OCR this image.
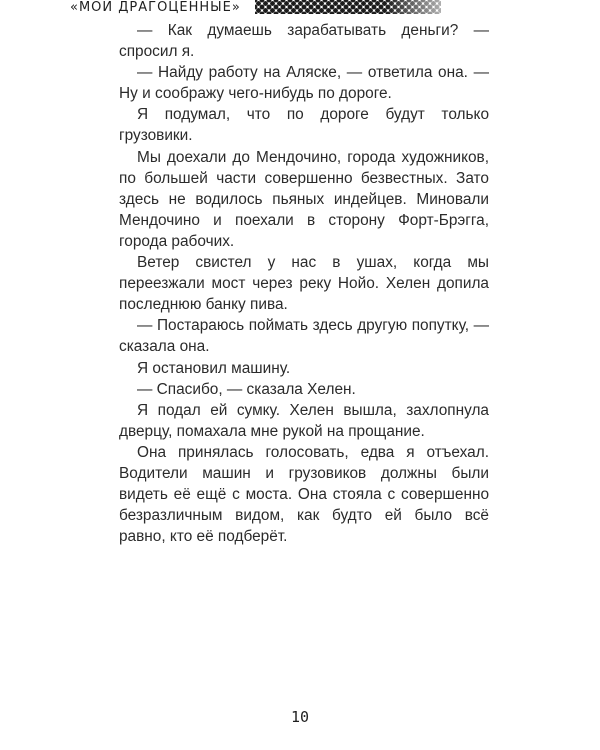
«МОИ ДРАГОЦЕННЫЕ»

— Как думаешь зарабатывать деньги? — спросил я.

— Найду работу на Аляске, — ответила она. — Ну и соображу чего-нибудь по дороге.

Я подумал, что по дороге будут только грузовики.

Мы доехали до Мендочино, города художников, по большей части совершенно безвестных. Зато здесь не водилось пьяных индейцев. Миновали Мендочино и поехали в сторону Форт-Брэгга, города рабочих.

Ветер свистел у нас в ушах, когда мы переезжали мост через реку Нойо. Хелен допила последнюю банку пива.

— Постараюсь поймать здесь другую попутку, — сказала она.

Я остановил машину.

— Спасибо, — сказала Хелен.

Я подал ей сумку. Хелен вышла, захлопнула дверцу, помахала мне рукой на прощание.

Она принялась голосовать, едва я отъехал. Водители машин и грузовиков должны были видеть её ещё с моста. Она стояла с совершенно безразличным видом, как будто ей было всё равно, кто её подберёт.

10
